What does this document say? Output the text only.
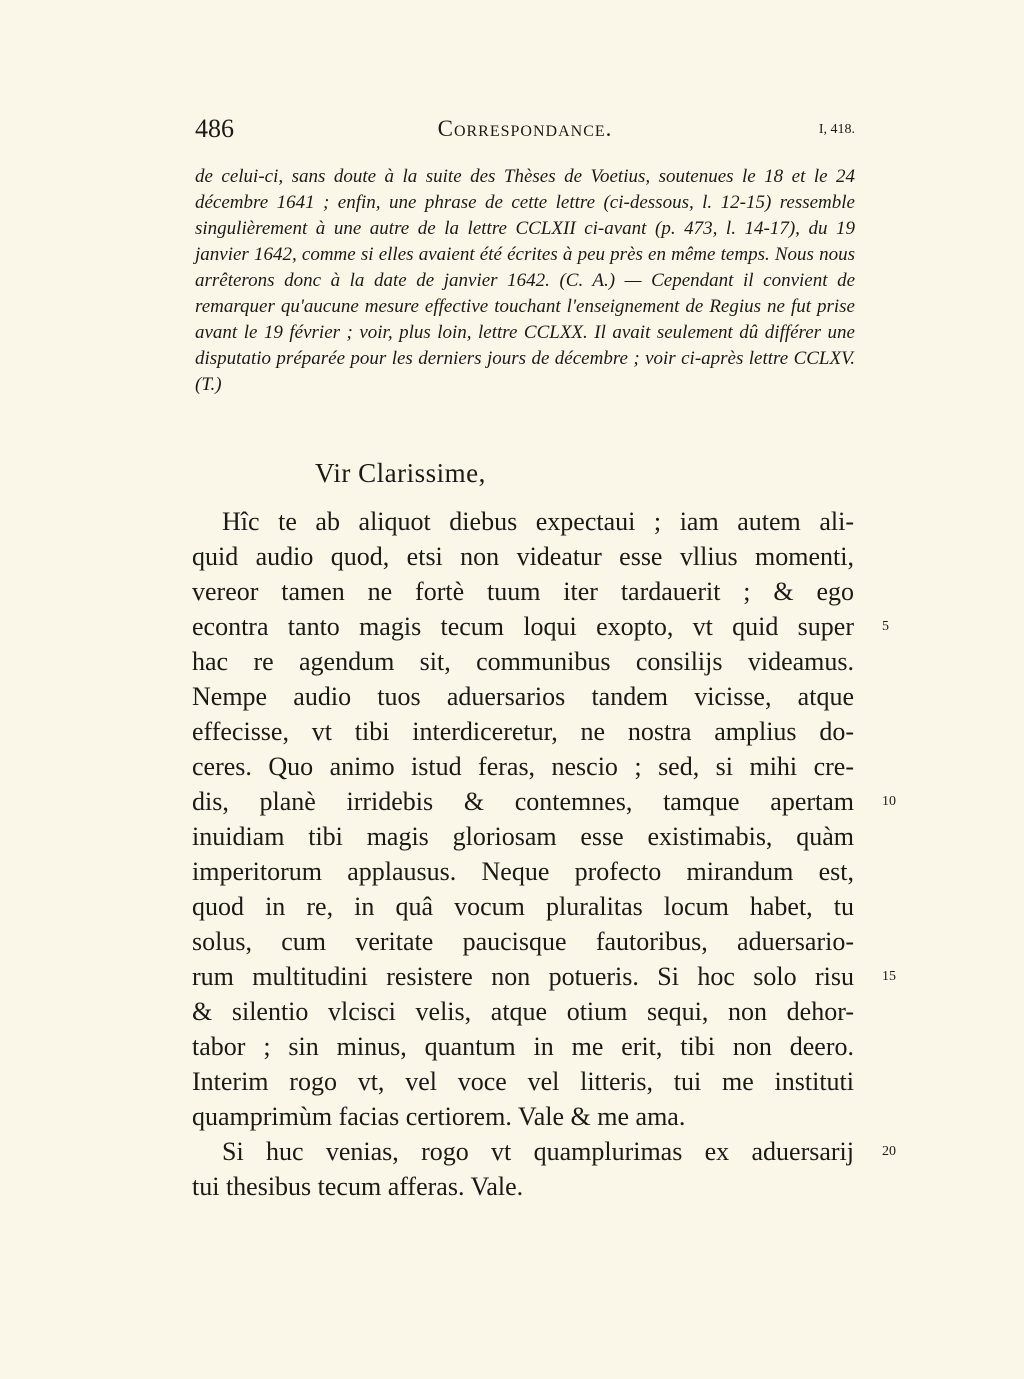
486	Correspondance.	I, 418.

de celui-ci, sans doute à la suite des Thèses de Voetius, soutenues le 18 et le 24 décembre 1641 ; enfin, une phrase de cette lettre (ci-dessous, l. 12-15) ressemble singulièrement à une autre de la lettre CCLXII ci-avant (p. 473, l. 14-17), du 19 janvier 1642, comme si elles avaient été écrites à peu près en même temps. Nous nous arrêterons donc à la date de janvier 1642. (C. A.) — Cependant il convient de remarquer qu'aucune mesure effective touchant l'enseignement de Regius ne fut prise avant le 19 février ; voir, plus loin, lettre CCLXX. Il avait seulement dû différer une disputatio préparée pour les derniers jours de décembre ; voir ci-après lettre CCLXV. (T.)

Vir Clarissime,

Hîc te ab aliquot diebus expectaui ; iam autem ali-

quid audio quod, etsi non videatur esse vllius momenti,

vereor tamen ne fortè tuum iter tardauerit ; & ego

econtra tanto magis tecum loqui exopto, vt quid super

hac re agendum sit, communibus consilijs videamus.

Nempe audio tuos aduersarios tandem vicisse, atque

effecisse, vt tibi interdiceretur, ne nostra amplius do-

ceres. Quo animo istud feras, nescio ; sed, si mihi cre-

dis, planè irridebis & contemnes, tamque apertam

inuidiam tibi magis gloriosam esse existimabis, quàm

imperitorum applausus. Neque profecto mirandum est,

quod in re, in quâ vocum pluralitas locum habet, tu

solus, cum veritate paucisque fautoribus, aduersario-

rum multitudini resistere non potueris. Si hoc solo risu

& silentio vlcisci velis, atque otium sequi, non dehor-

tabor ; sin minus, quantum in me erit, tibi non deero.

Interim rogo vt, vel voce vel litteris, tui me instituti

quamprimùm facias certiorem. Vale & me ama.

Si huc venias, rogo vt quamplurimas ex aduersarij

tui thesibus tecum afferas. Vale.

5
10
15
20
